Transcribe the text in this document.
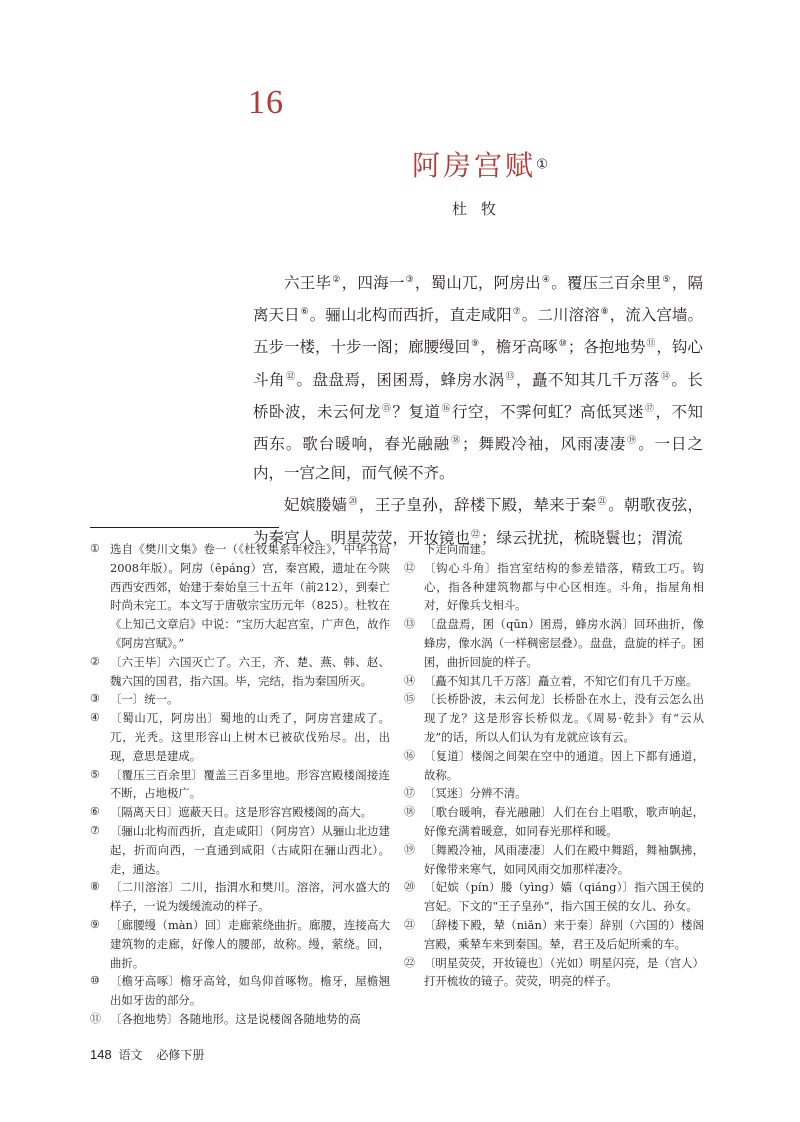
16
阿房宫赋①
杜牧

六王毕②，四海一③，蜀山兀，阿房出④。覆压三百余里⑤，隔离天日⑥。骊山北构而西折，直走咸阳⑦。二川溶溶⑧，流入宫墙。五步一楼，十步一阁；廊腰缦回⑨，檐牙高啄⑩；各抱地势⑪，钩心斗角⑫。盘盘焉，囷囷焉，蜂房水涡⑬，矗不知其几千万落⑭。长桥卧波，未云何龙⑮？复道⑯行空，不霁何虹？高低冥迷⑰，不知西东。歌台暖响，春光融融⑱；舞殿冷袖，风雨凄凄⑲。一日之内，一宫之间，而气候不齐。

妃嫔媵嫱⑳，王子皇孙，辞楼下殿，辇来于秦$^㉑$。朝歌夜弦，为秦宫人。明星荧荧，开妆镜也$^㉒$；绿云扰扰，梳晓鬟也；渭流

① 选自《樊川文集》卷一（《杜牧集系年校注》，中华书局2008年版）。阿房（ēpáng）宫，秦宫殿，遗址在今陕西西安西郊，始建于秦始皇三十五年（前212），到秦亡时尚未完工。本文写于唐敬宗宝历元年（825）。杜牧在《上知己文章启》中说：“宝历大起宫室，广声色，故作《阿房宫赋》。”
② 〔六王毕〕六国灭亡了。六王，齐、楚、燕、韩、赵、魏六国的国君，指六国。毕，完结，指为秦国所灭。
③ 〔一〕统一。
④ 〔蜀山兀，阿房出〕蜀地的山秃了，阿房宫建成了。兀，光秃。这里形容山上树木已被砍伐殆尽。出，出现，意思是建成。
⑤ 〔覆压三百余里〕覆盖三百多里地。形容宫殿楼阁接连不断，占地极广。
⑥ 〔隔离天日〕遮蔽天日。这是形容宫殿楼阁的高大。
⑦ 〔骊山北构而西折，直走咸阳〕（阿房宫）从骊山北边建起，折而向西，一直通到咸阳（古咸阳在骊山西北）。走，通达。
⑧ 〔二川溶溶〕二川，指渭水和樊川。溶溶，河水盛大的样子，一说为缓缓流动的样子。
⑨ 〔廊腰缦（màn）回〕走廊萦绕曲折。廊腰，连接高大建筑物的走廊，好像人的腰部，故称。缦，萦绕。回，曲折。
⑩ 〔檐牙高啄〕檐牙高耸，如鸟仰首啄物。檐牙，屋檐翘出如牙齿的部分。
⑪ 〔各抱地势〕各随地形。这是说楼阁各随地势的高
下走向而建。
⑫ 〔钩心斗角〕指宫室结构的参差错落，精致工巧。钩心，指各种建筑物都与中心区相连。斗角，指屋角相对，好像兵戈相斗。
⑬ 〔盘盘焉，囷（qūn）囷焉，蜂房水涡〕回环曲折，像蜂房，像水涡（一样稠密层叠）。盘盘，盘旋的样子。囷囷，曲折回旋的样子。
⑭ 〔矗不知其几千万落〕矗立着，不知它们有几千万座。
⑮ 〔长桥卧波，未云何龙〕长桥卧在水上，没有云怎么出现了龙？这是形容长桥似龙。《周易·乾卦》有“云从龙”的话，所以人们认为有龙就应该有云。
⑯ 〔复道〕楼阁之间架在空中的通道。因上下都有通道，故称。
⑰ 〔冥迷〕分辨不清。
⑱ 〔歌台暖响，春光融融〕人们在台上唱歌，歌声响起，好像充满着暖意，如同春光那样和暖。
⑲ 〔舞殿冷袖，风雨凄凄〕人们在殿中舞蹈，舞袖飘拂，好像带来寒气，如同风雨交加那样凄冷。
⑳ 〔妃嫔（pín）媵（yìng）嫱（qiáng）〕指六国王侯的宫妃。下文的“王子皇孙”，指六国王侯的女儿、孙女。
㉑ 〔辞楼下殿，辇（niǎn）来于秦〕辞别（六国的）楼阁宫殿，乘辇车来到秦国。辇，君王及后妃所乘的车。
㉒ 〔明星荧荧，开妆镜也〕（光如）明星闪亮，是（宫人）打开梳妆的镜子。荧荧，明亮的样子。
148 语文 必修下册
